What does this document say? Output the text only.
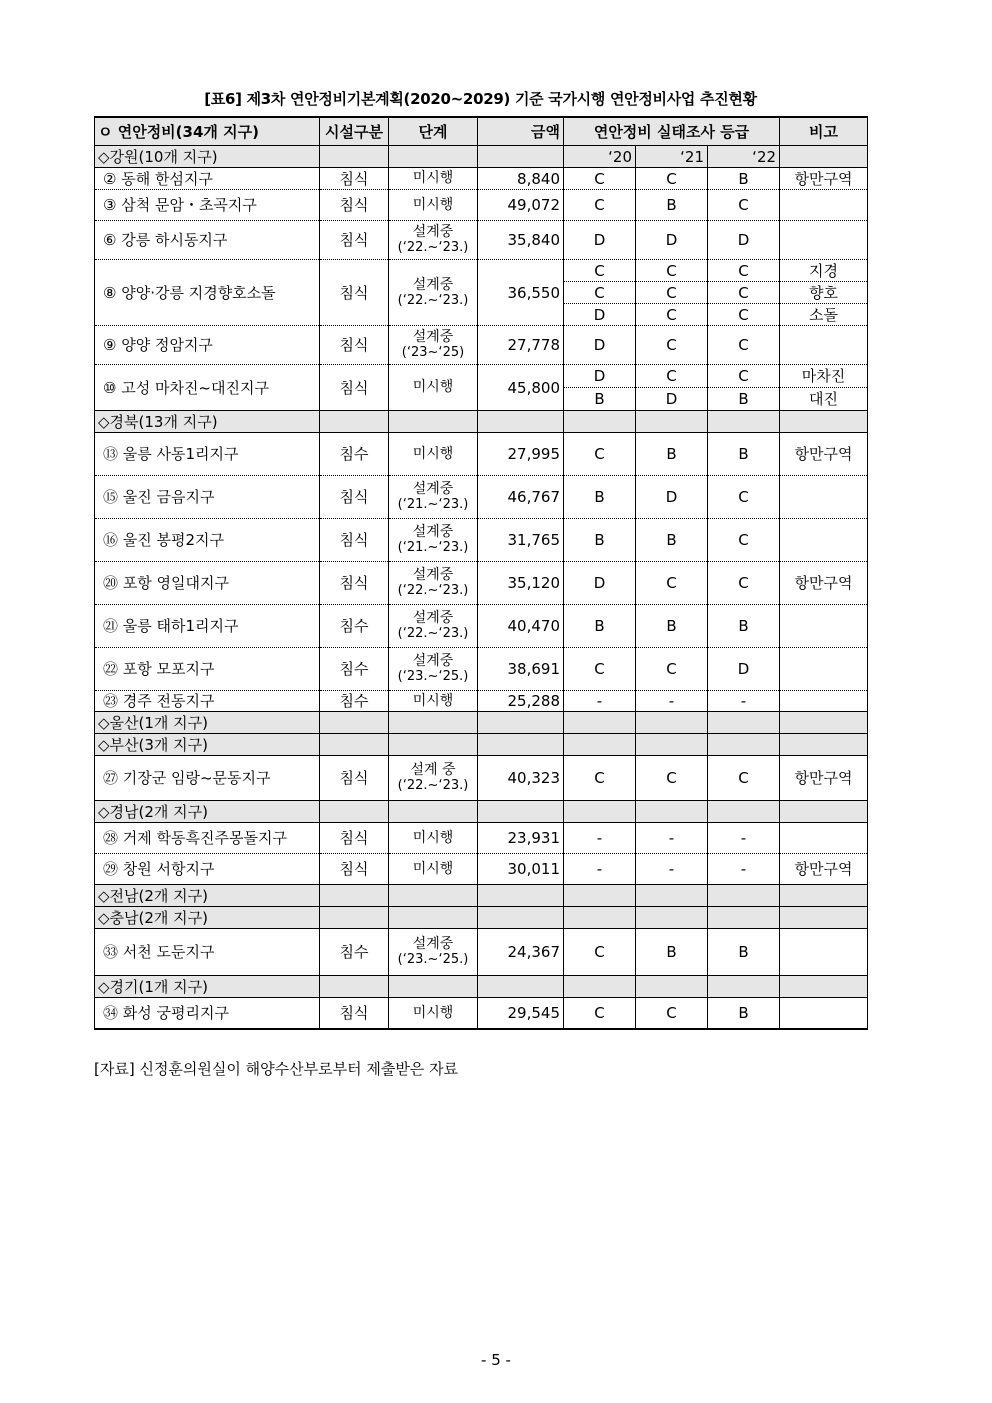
[표6] 제3차 연안정비기본계획(2020~2029) 기준 국가시행 연안정비사업 추진현황
ㅇ 연안정비(34개 지구)	시설구분	단계	금액	연안정비 실태조사 등급			비고
◇강원(10개 지구)				‘20	‘21	‘22	
② 동해 한섬지구	침식	미시행	8,840	C	C	B	항만구역
③ 삼척 문암・초곡지구	침식	미시행	49,072	C	B	C	
⑥ 강릉 하시동지구	침식	설계중
(‘22.~‘23.)	35,840	D	D	D	
⑧ 양양·강릉 지경향호소돌	침식	설계중
(‘22.~‘23.)	36,550	C	C	C	지경
				C	C	C	향호
				D	C	C	소돌
⑨ 양양 정암지구	침식	설계중
(‘23~‘25)	27,778	D	C	C	
⑩ 고성 마차진~대진지구	침식	미시행	45,800	D	C	C	마차진
				B	D	B	대진
◇경북(13개 지구)							
⑬ 울릉 사동1리지구	침수	미시행	27,995	C	B	B	항만구역
⑮ 울진 금음지구	침식	설계중
(‘21.~‘23.)	46,767	B	D	C	
⑯ 울진 봉평2지구	침식	설계중
(‘21.~‘23.)	31,765	B	B	C	
⑳ 포항 영일대지구	침식	설계중
(‘22.~‘23.)	35,120	D	C	C	항만구역
㉑ 울릉 태하1리지구	침수	설계중
(‘22.~‘23.)	40,470	B	B	B	
㉒ 포항 모포지구	침수	설계중
(‘23.~‘25.)	38,691	C	C	D	
㉓ 경주 전동지구	침수	미시행	25,288	-	-	-	
◇울산(1개 지구)							
◇부산(3개 지구)							
㉗ 기장군 임랑~문동지구	침식	설계 중
(‘22.~‘23.)	40,323	C	C	C	항만구역
◇경남(2개 지구)							
㉘ 거제 학동흑진주몽돌지구	침식	미시행	23,931	-	-	-	
㉙ 창원 서항지구	침식	미시행	30,011	-	-	-	항만구역
◇전남(2개 지구)							
◇충남(2개 지구)							
㉝ 서천 도둔지구	침수	설계중
(‘23.~‘25.)	24,367	C	B	B	
◇경기(1개 지구)							
㉞ 화성 궁평리지구	침식	미시행	29,545	C	C	B	
[자료] 신정훈의원실이 해양수산부로부터 제출받은 자료
- 5 -
